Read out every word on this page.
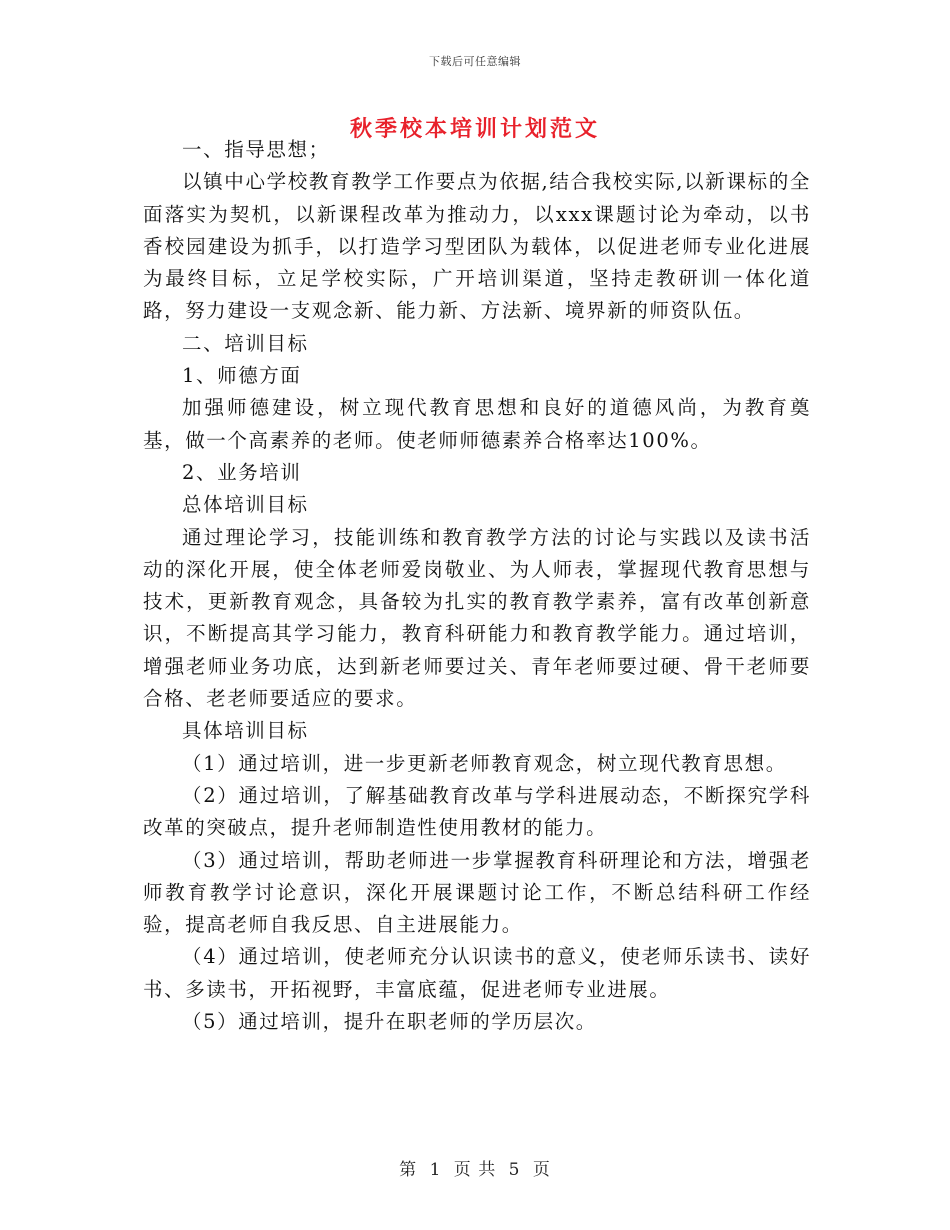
下载后可任意编辑
秋季校本培训计划范文

一、指导思想；

以镇中心学校教育教学工作要点为依据,结合我校实际,以新课标的全面落实为契机，以新课程改革为推动力，以xxx课题讨论为牵动，以书香校园建设为抓手，以打造学习型团队为载体，以促进老师专业化进展为最终目标，立足学校实际，广开培训渠道，坚持走教研训一体化道路，努力建设一支观念新、能力新、方法新、境界新的师资队伍。

二、培训目标

1、师德方面

加强师德建设，树立现代教育思想和良好的道德风尚，为教育奠基，做一个高素养的老师。使老师师德素养合格率达100%。

2、业务培训

总体培训目标

通过理论学习，技能训练和教育教学方法的讨论与实践以及读书活动的深化开展，使全体老师爱岗敬业、为人师表，掌握现代教育思想与技术，更新教育观念，具备较为扎实的教育教学素养，富有改革创新意识，不断提高其学习能力，教育科研能力和教育教学能力。通过培训，增强老师业务功底，达到新老师要过关、青年老师要过硬、骨干老师要合格、老老师要适应的要求。

具体培训目标

（1）通过培训，进一步更新老师教育观念，树立现代教育思想。

（2）通过培训，了解基础教育改革与学科进展动态，不断探究学科改革的突破点，提升老师制造性使用教材的能力。

（3）通过培训，帮助老师进一步掌握教育科研理论和方法，增强老师教育教学讨论意识，深化开展课题讨论工作，不断总结科研工作经验，提高老师自我反思、自主进展能力。

（4）通过培训，使老师充分认识读书的意义，使老师乐读书、读好书、多读书，开拓视野，丰富底蕴，促进老师专业进展。

（5）通过培训，提升在职老师的学历层次。

第 1 页 共 5 页
